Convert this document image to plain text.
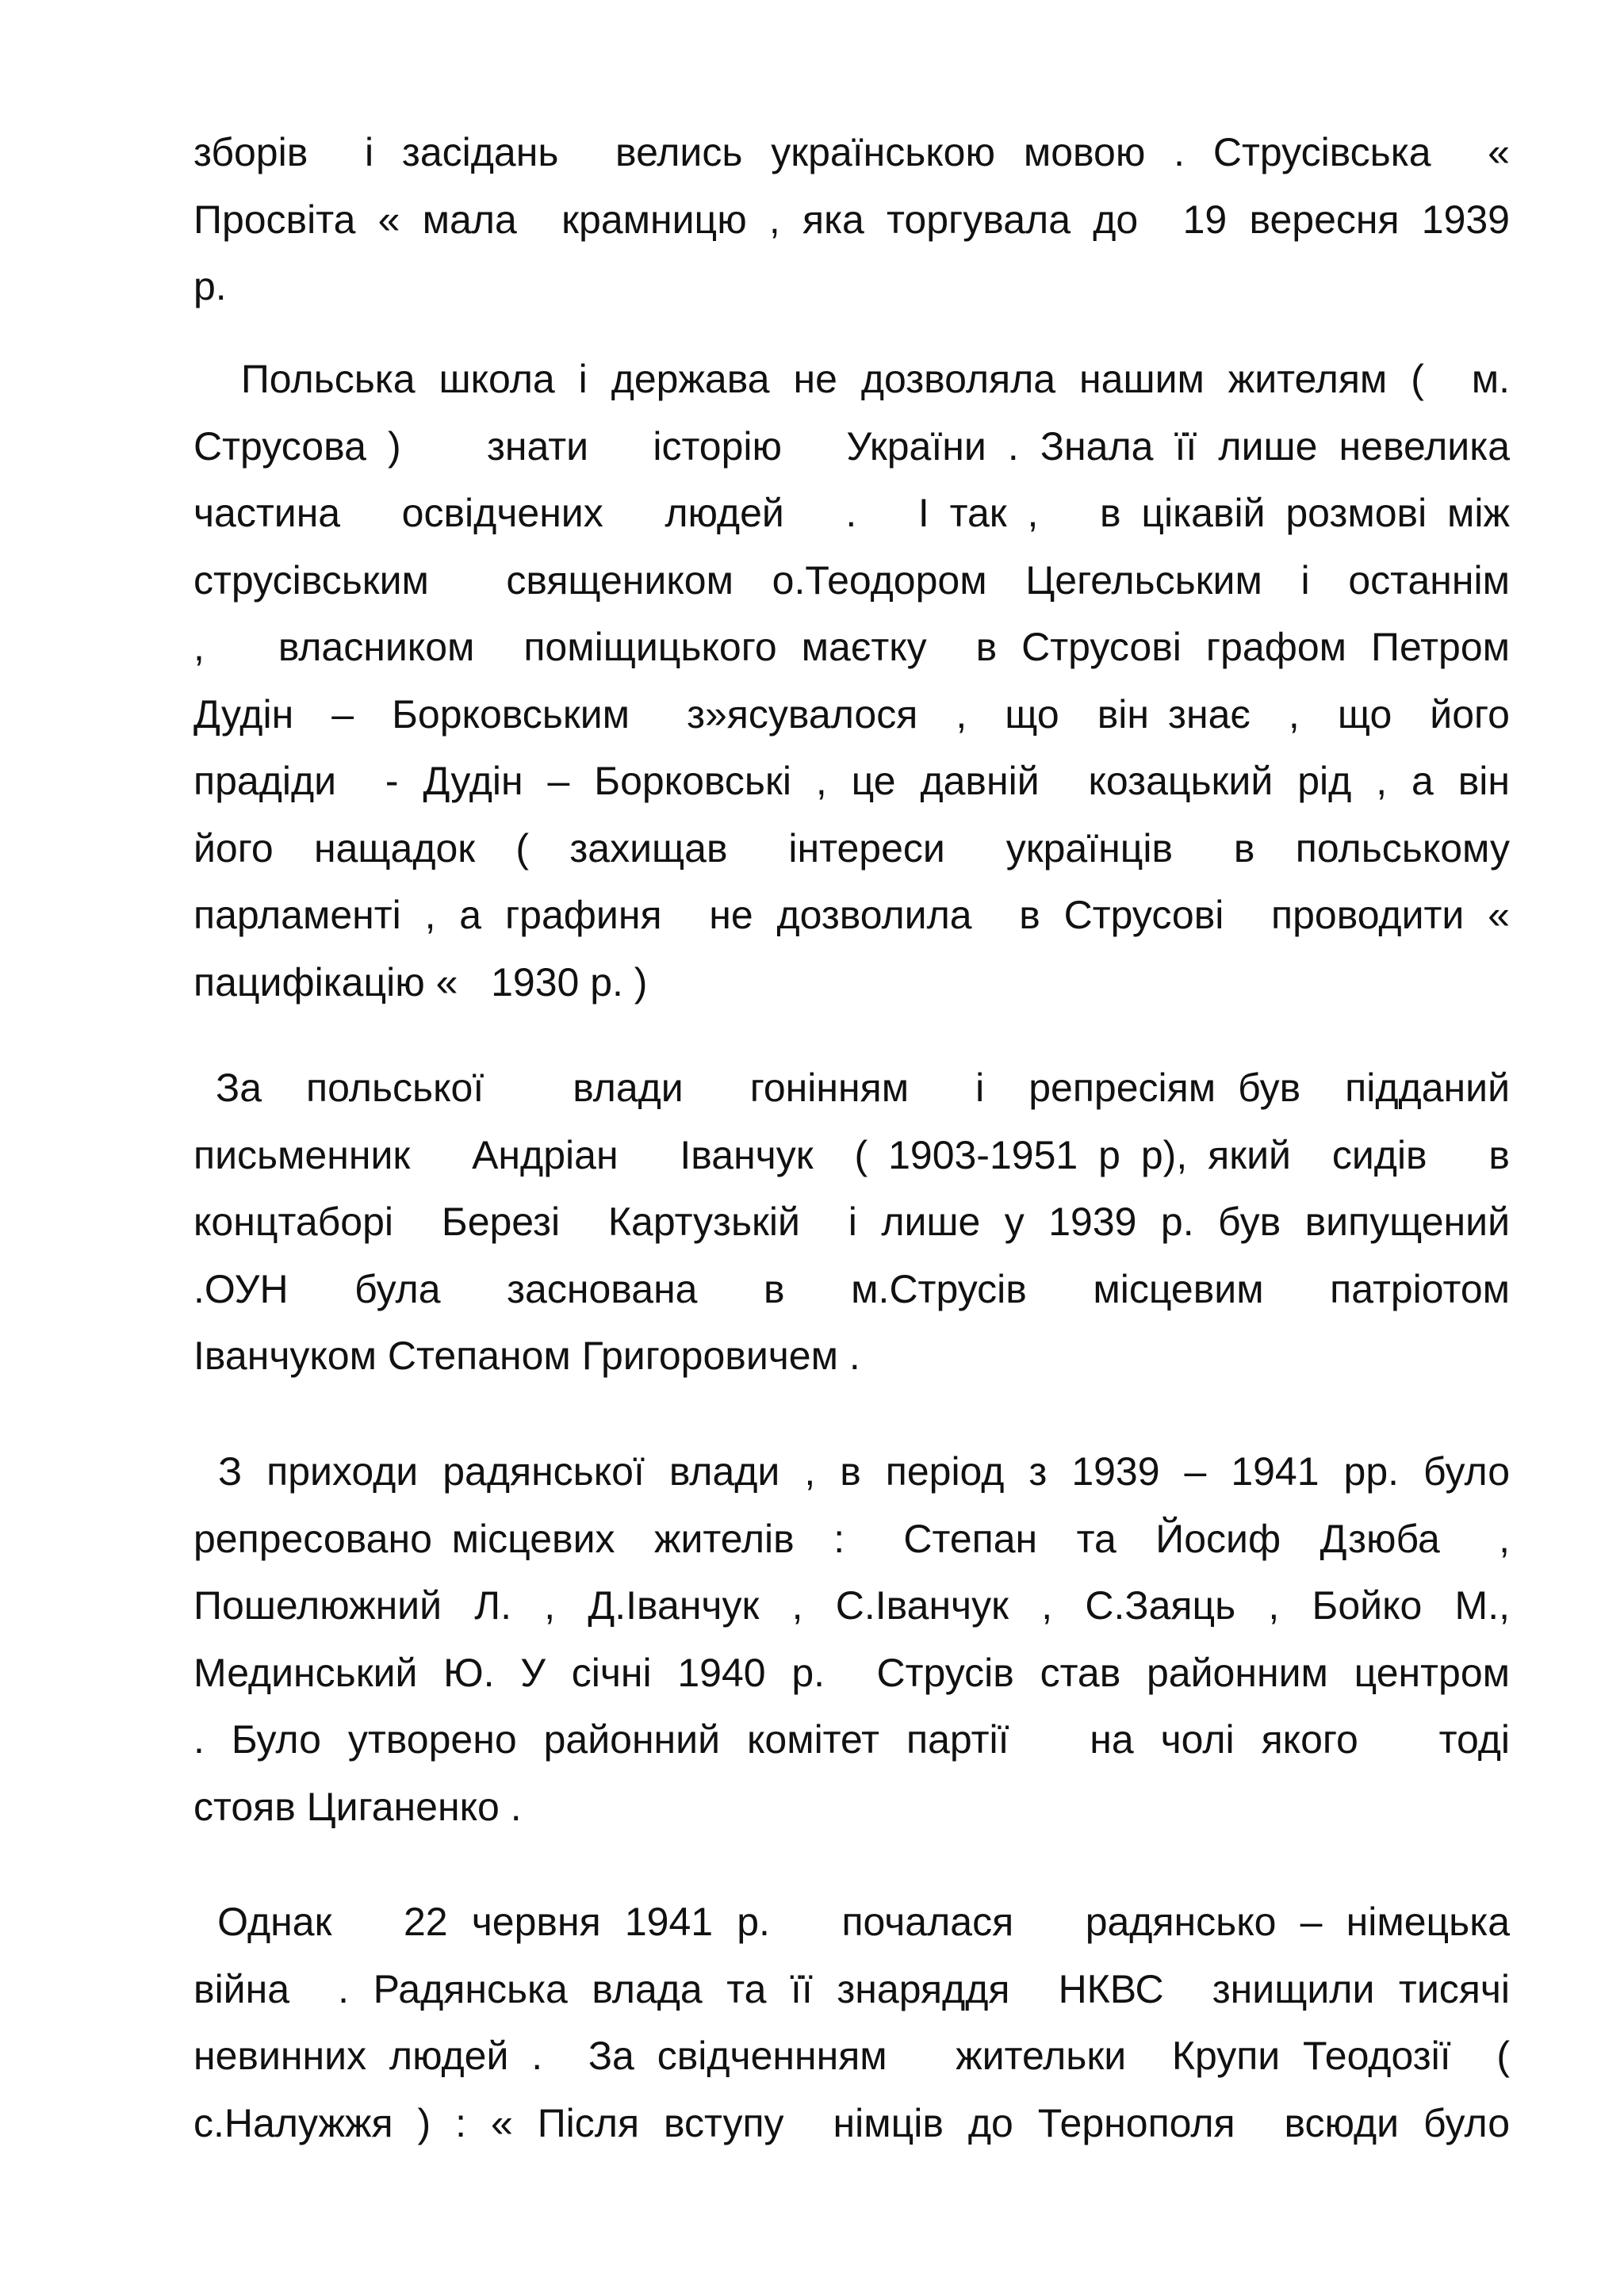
зборів  і засідань  велись українською мовою . Струсівська  «
Просвіта « мала  крамницю , яка торгувала до  19 вересня 1939
р.
Польська школа і держава не дозволяла нашим жителям (  м.
Струсова )    знати   історію   України . Знала її лише невелика
частина   освідчених   людей   .   І так ,   в цікавій розмові між
струсівським  священиком о.Теодором Цегельським і останнім
,   власником  поміщицького маєтку  в Струсові графом Петром
Дудін  –  Борковським   з»ясувалося  ,  що  він знає  ,  що  його
прадіди  - Дудін – Борковські , це давній  козацький рід , а він
його  нащадок  (  захищав   інтереси   українців   в  польському
парламенті , а графиня  не дозволила  в Струсові  проводити «
пацифікацію «   1930 р. )
За  польської    влади   гонінням   і  репресіям був  підданий
письменник   Андріан   Іванчук  ( 1903-1951 р р), який  сидів   в
концтаборі  Березі  Картузькій  і лише у 1939 р. був випущений
.ОУН   була   заснована   в   м.Струсів   місцевим   патріотом
Іванчуком Степаном Григоровичем .
З приходи радянської влади , в період з 1939 – 1941 рр. було
репресовано місцевих  жителів  :   Степан  та  Йосиф  Дзюба   ,
Пошелюжний  Л.  ,  Д.Іванчук  ,  С.Іванчук  ,  С.Заяць  ,  Бойко  М.,
Мединський Ю. У січні 1940 р.  Струсів став районним центром
. Було утворено районний комітет партії   на чолі якого   тоді
стояв Циганенко .
Однак   22 червня 1941 р.   почалася   радянсько – німецька
війна  . Радянська влада та її знаряддя  НКВС  знищили тисячі
невинних людей .  За свідченнням   жительки  Крупи Теодозії  (
с.Налужжя ) : « Після вступу  німців до Тернополя  всюди було
